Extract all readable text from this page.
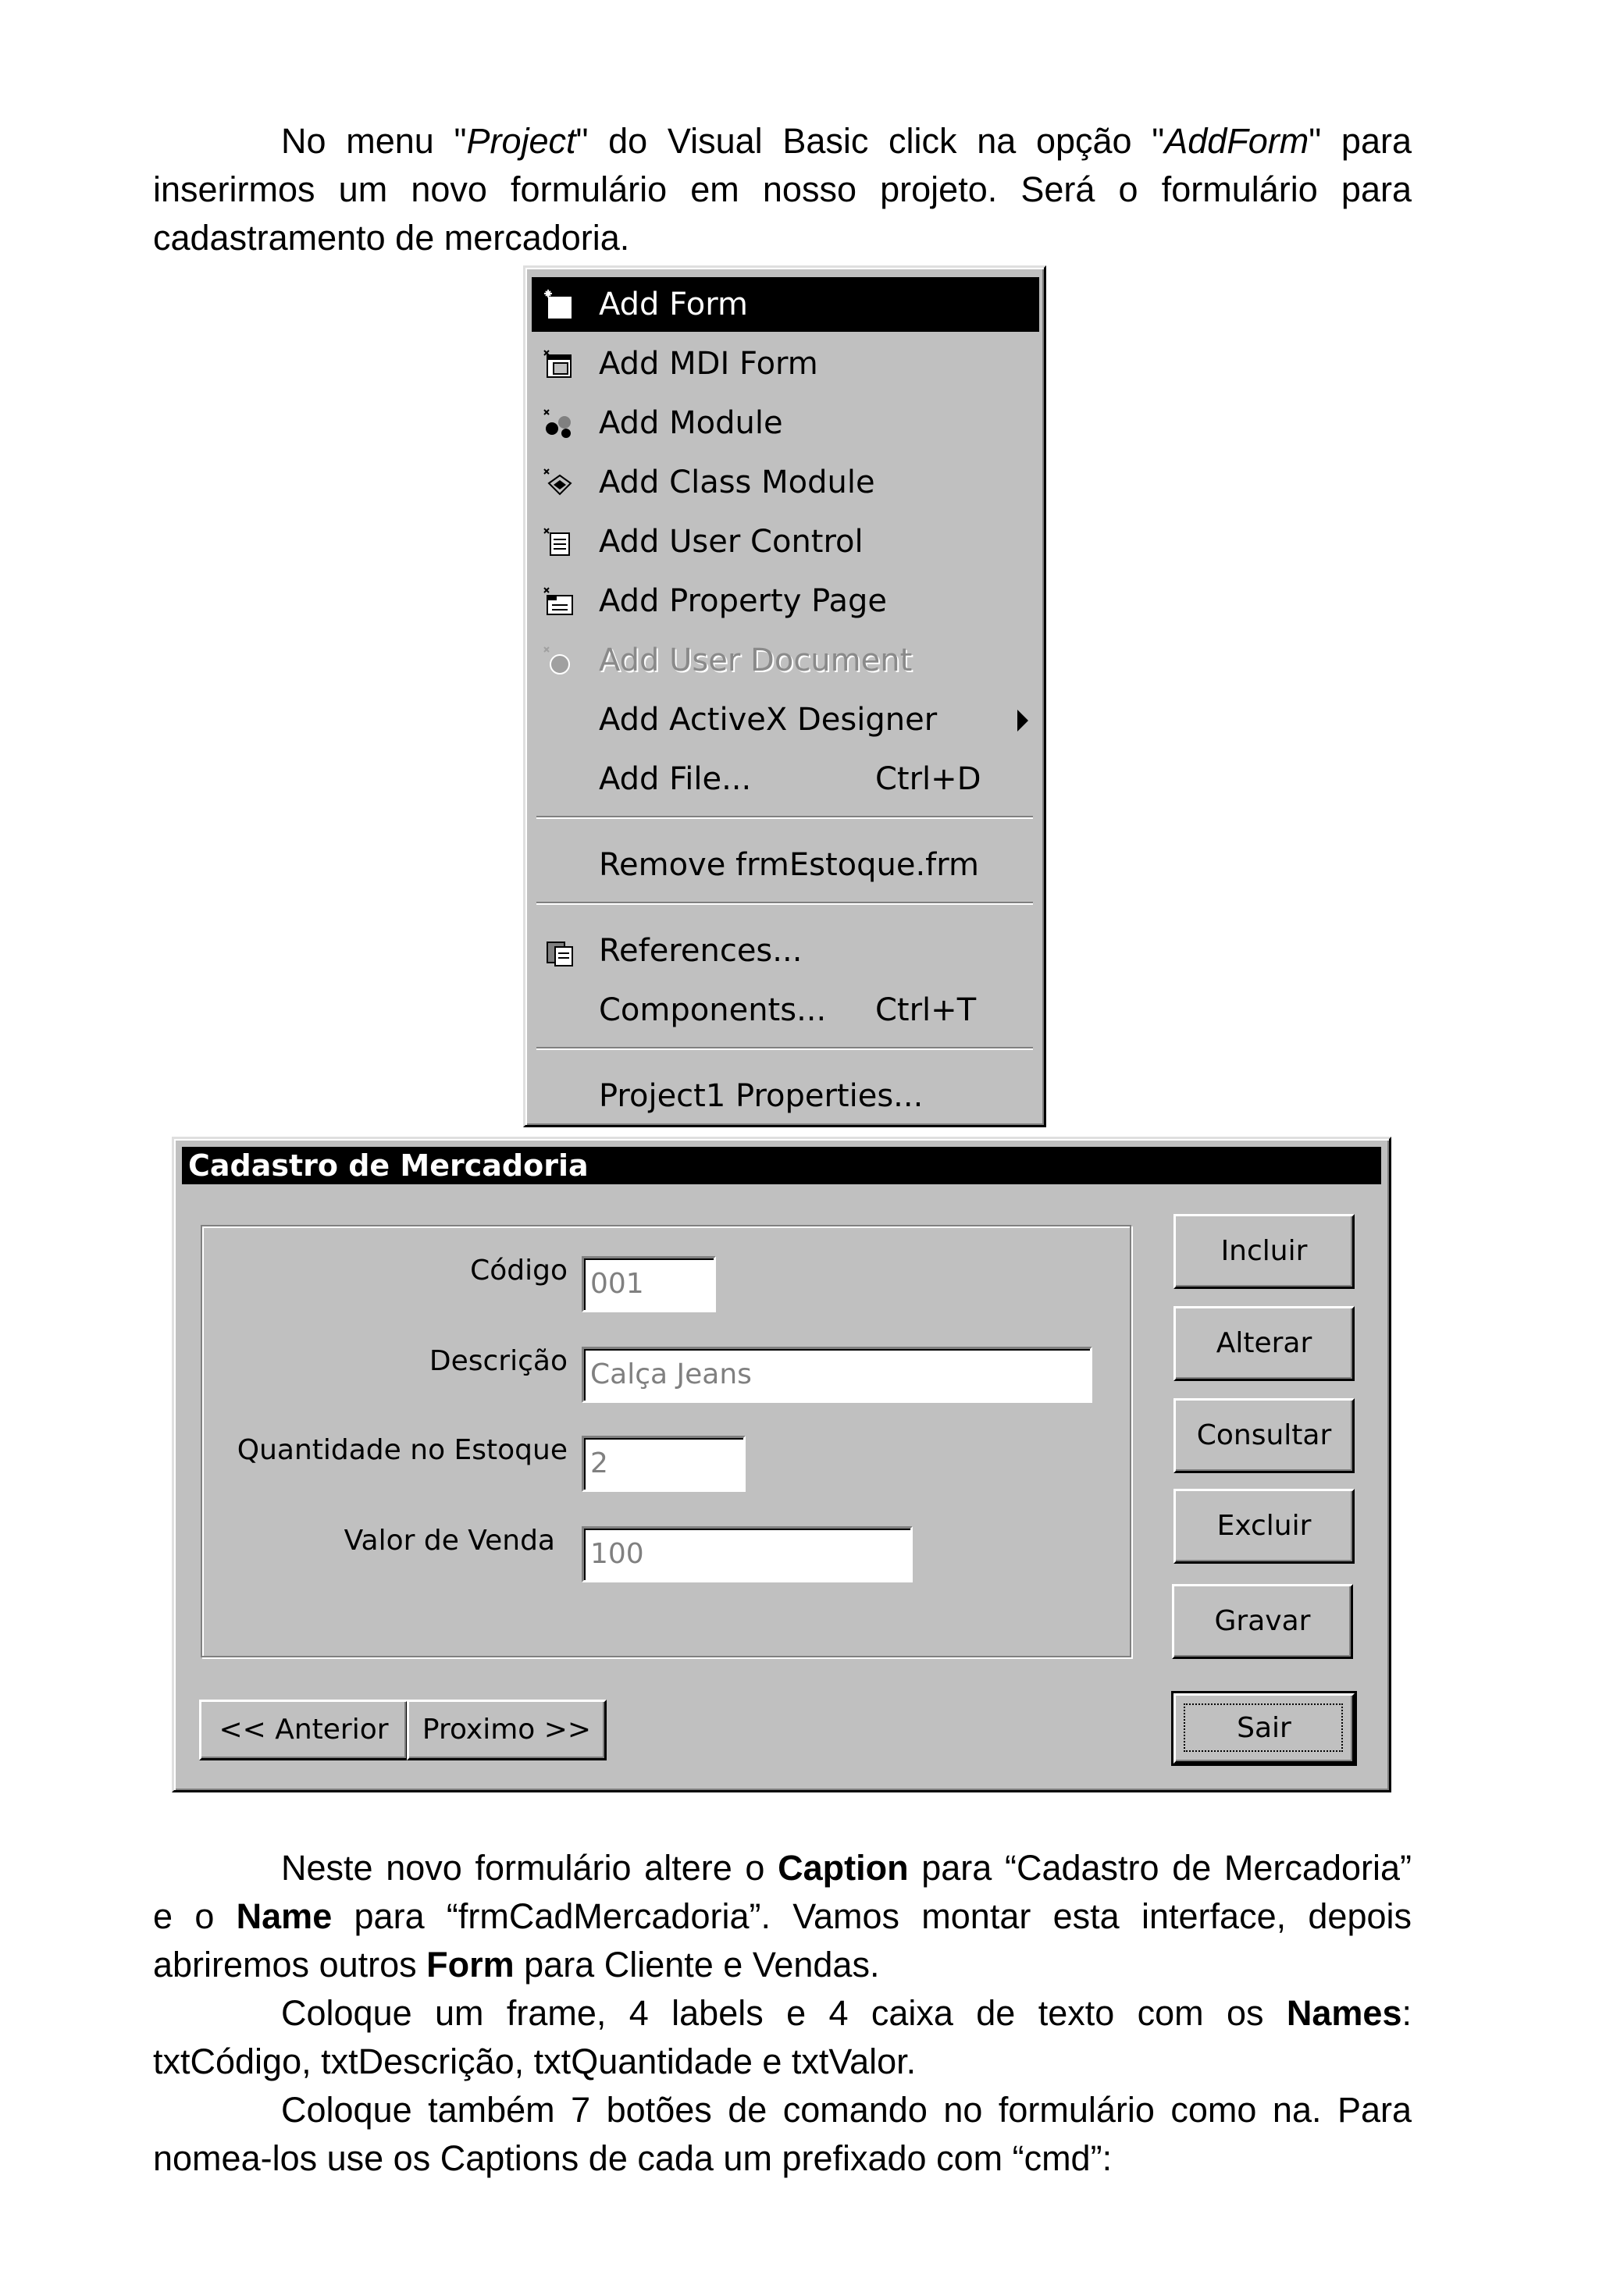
No menu "Project" do Visual Basic click na opção "AddForm" para
inserirmos um novo formulário em nosso projeto. Será o formulário para
cadastramento de mercadoria.
Add Form
Add MDI Form
Add Module
Add Class Module
Add User Control
Add Property Page
Add User Document
Add ActiveX Designer
Add File...	Ctrl+D
Remove frmEstoque.frm
References...
Components... Ctrl+T
Project1 Properties...
Cadastro de Mercadoria
Código 001
Descrição Calça Jeans
Quantidade no Estoque 2
Valor de Venda	100
Incluir
Alterar
Consultar
Excluir
Gravar
Sair
<< Anterior	Proximo >>
Neste novo formulário altere o Caption para “Cadastro de Mercadoria”
e o Name para “frmCadMercadoria”. Vamos montar esta interface, depois
abriremos outros Form para Cliente e Vendas.
Coloque um frame, 4 labels e 4 caixa de texto com os Names:
txtCódigo, txtDescrição, txtQuantidade e txtValor.
Coloque também 7 botões de comando no formulário como na. Para
nomea-los use os Captions de cada um prefixado com “cmd”:
